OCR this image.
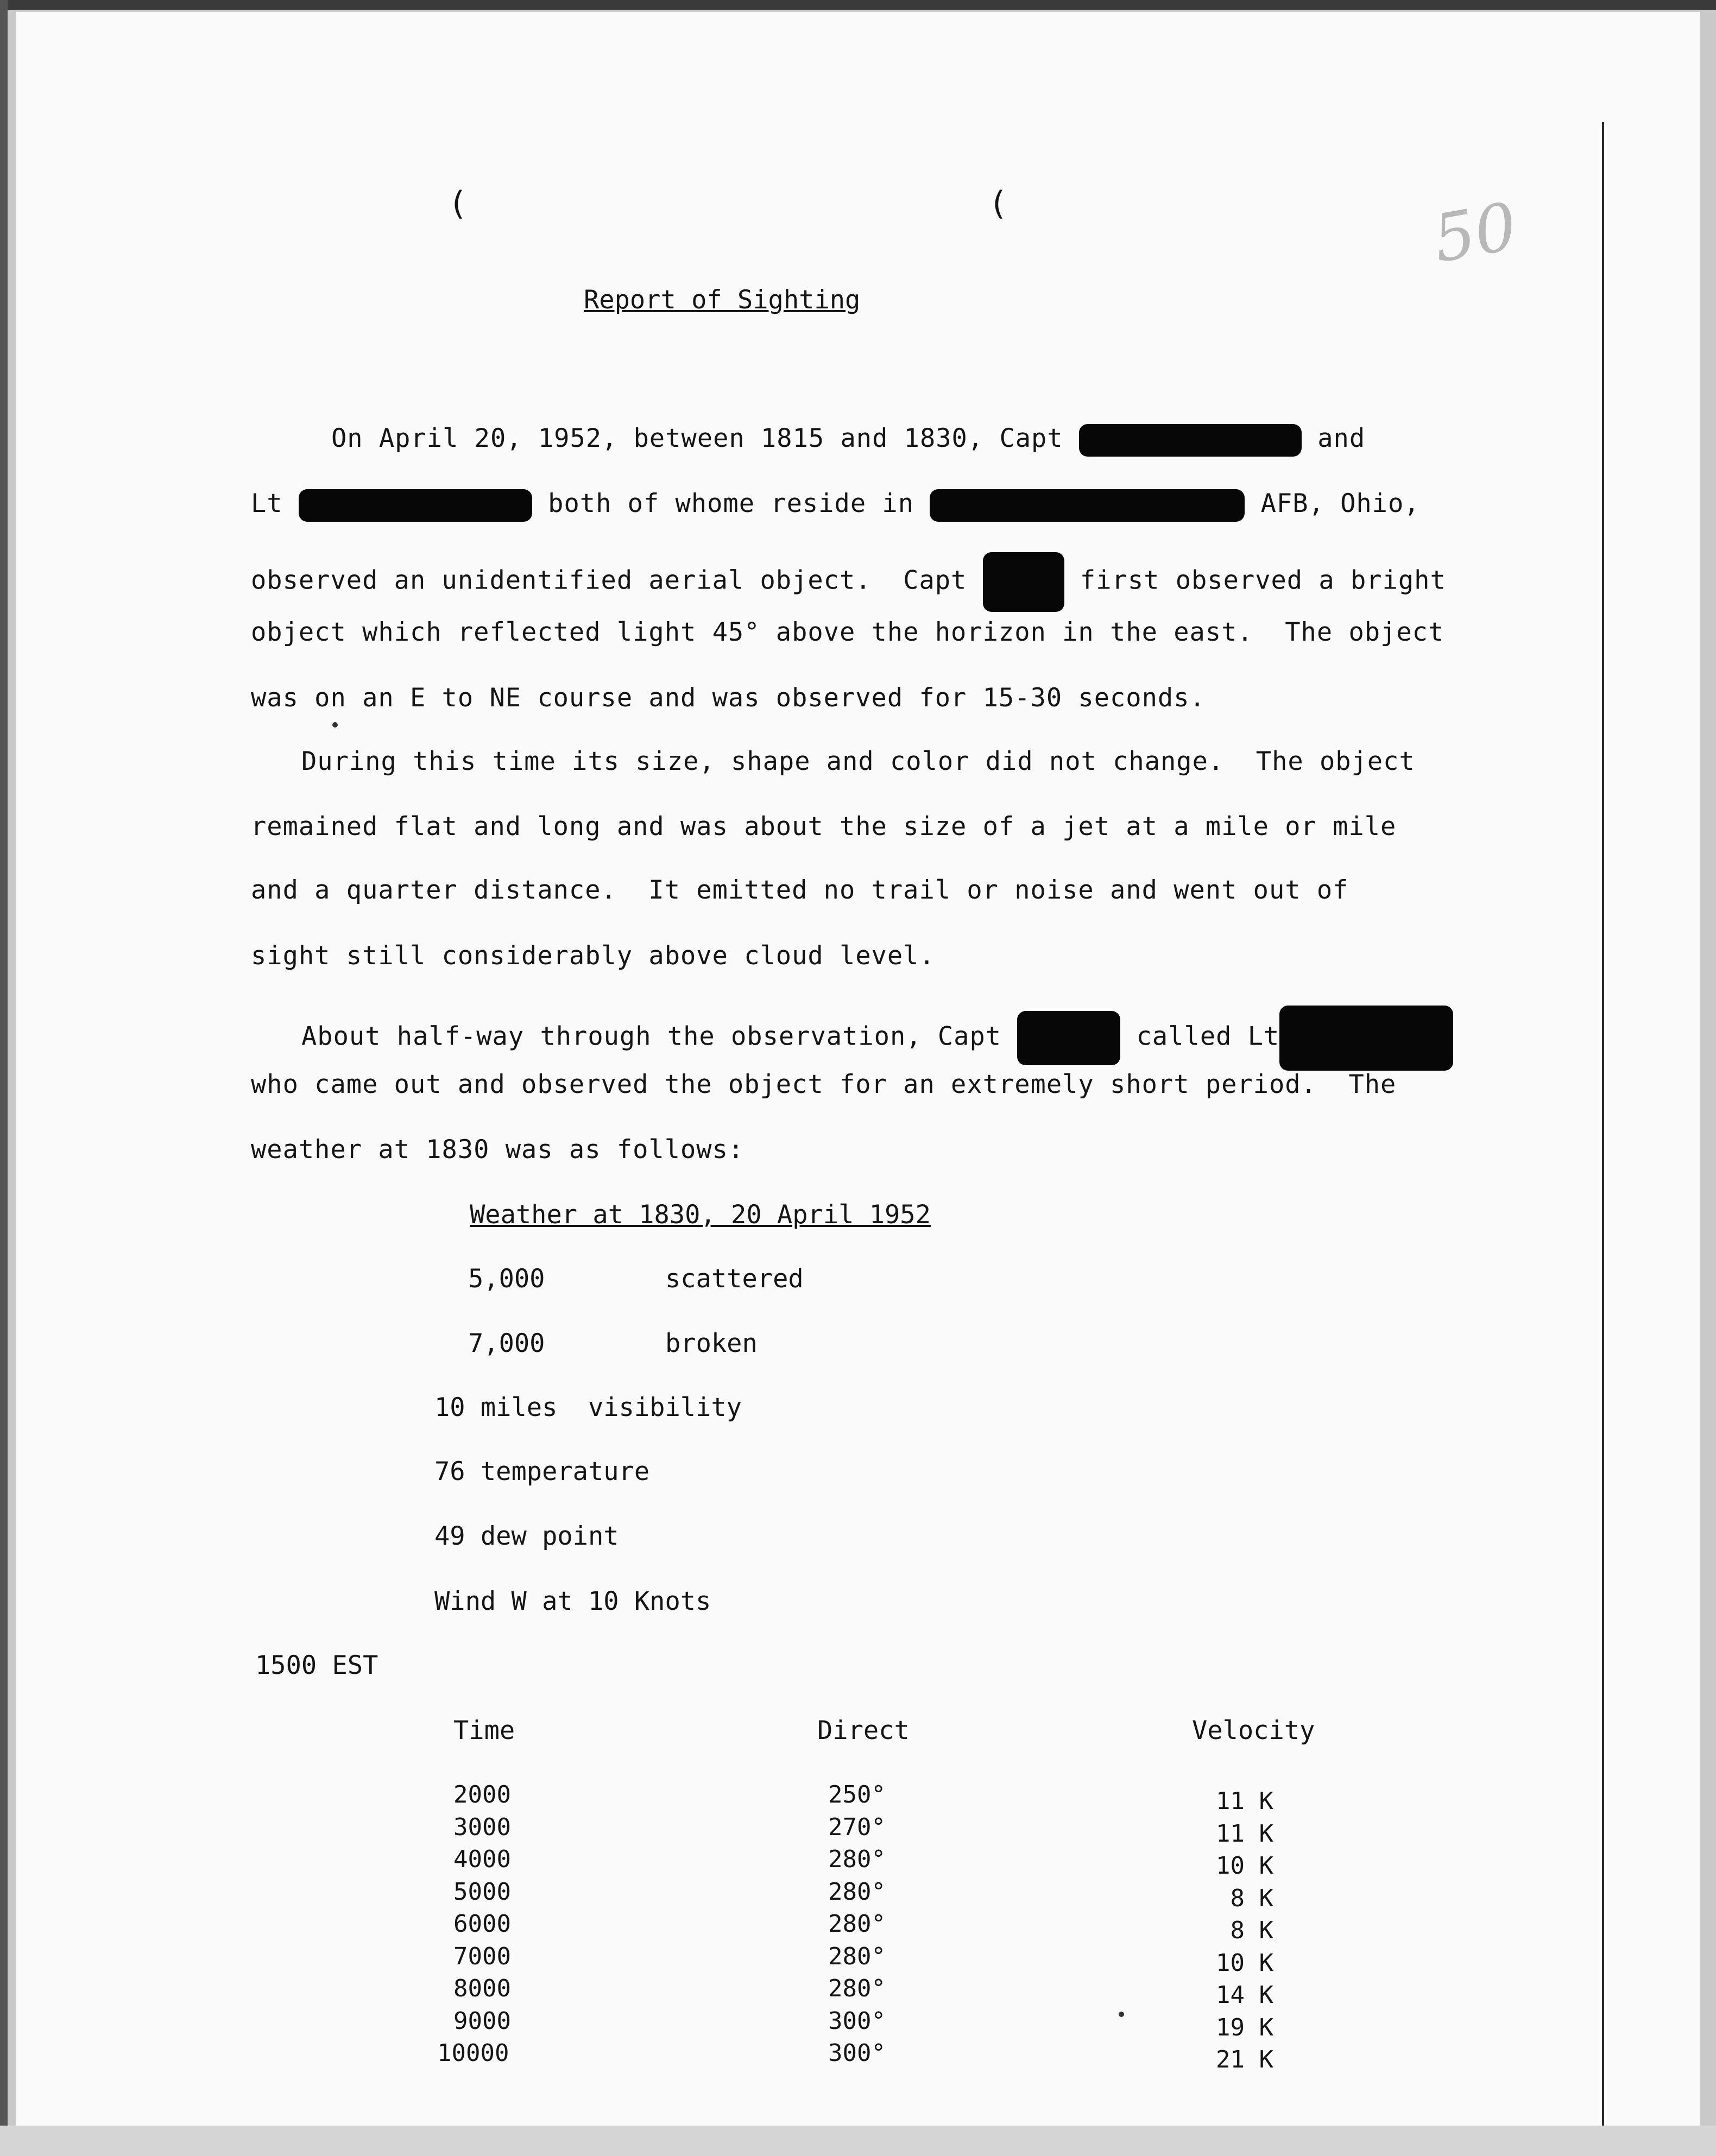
(	(	50
Report of Sighting
On April 20, 1952, between 1815 and 1830, Capt	and
Lt	both of whome reside in	AFB, Ohio,
observed an unidentified aerial object.  Capt	first observed a bright
object which reflected light 45° above the horizon in the east.  The object
was on an E to NE course and was observed for 15-30 seconds.
During this time its size, shape and color did not change.  The object
remained flat and long and was about the size of a jet at a mile or mile
and a quarter distance.  It emitted no trail or noise and went out of
sight still considerably above cloud level.
About half-way through the observation, Capt	called Lt
who came out and observed the object for an extremely short period.  The
weather at 1830 was as follows:
Weather at 1830, 20 April 1952
5,000	scattered
7,000	broken
10 miles  visibility
76 temperature
49 dew point
Wind W at 10 Knots
1500 EST
Time	Direct	Velocity
2000	250°	11 K
3000	270°	11 K
4000	280°	10 K
5000	280°	8 K
6000	280°	8 K
7000	280°	10 K
8000	280°	14 K
9000	300°	19 K
10000	300°	21 K
